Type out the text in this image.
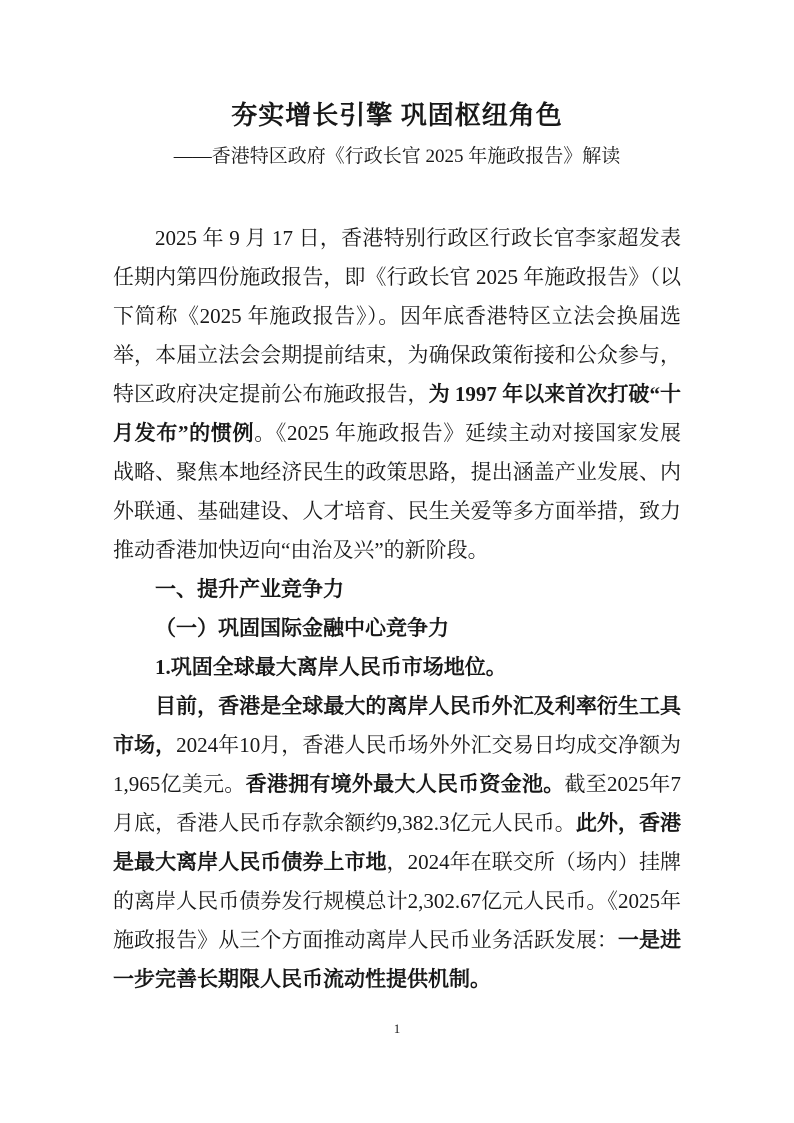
夯实增长引擎 巩固枢纽角色
——香港特区政府《行政长官 2025 年施政报告》解读

2025 年 9 月 17 日，香港特别行政区行政长官李家超发表任期内第四份施政报告，即《行政长官 2025 年施政报告》（以下简称《2025 年施政报告》）。因年底香港特区立法会换届选举，本届立法会会期提前结束，为确保政策衔接和公众参与，特区政府决定提前公布施政报告，为 1997 年以来首次打破“十月发布”的惯例。《2025 年施政报告》延续主动对接国家发展战略、聚焦本地经济民生的政策思路，提出涵盖产业发展、内外联通、基础建设、人才培育、民生关爱等多方面举措，致力推动香港加快迈向“由治及兴”的新阶段。

一、提升产业竞争力
（一）巩固国际金融中心竞争力
1.巩固全球最大离岸人民币市场地位。

目前，香港是全球最大的离岸人民币外汇及利率衍生工具市场，2024年10月，香港人民币场外外汇交易日均成交净额为1,965亿美元。香港拥有境外最大人民币资金池。截至2025年7月底，香港人民币存款余额约9,382.3亿元人民币。此外，香港是最大离岸人民币债券上市地，2024年在联交所（场内）挂牌的离岸人民币债券发行规模总计2,302.67亿元人民币。《2025年施政报告》从三个方面推动离岸人民币业务活跃发展：一是进一步完善长期限人民币流动性提供机制。

1
